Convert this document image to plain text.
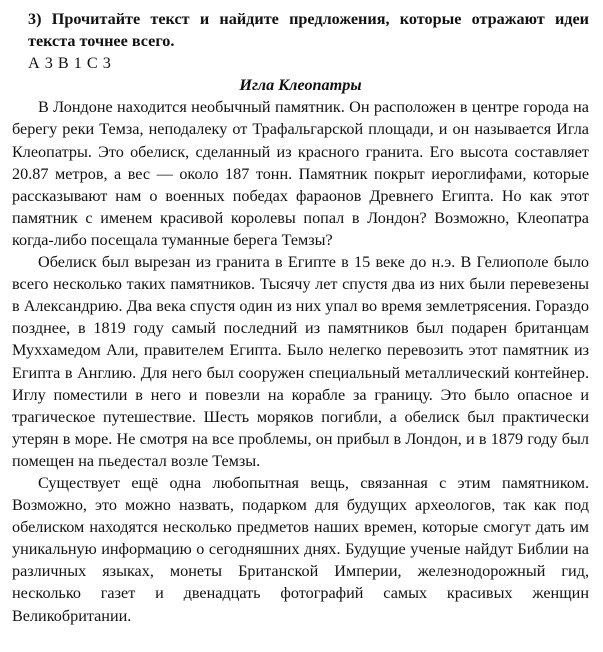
3) Прочитайте текст и найдите предложения, которые отражают идеи текста точнее всего.

А 3 В 1 С 3

Игла Клеопатры

В Лондоне находится необычный памятник. Он расположен в центре города на берегу реки Темза, неподалеку от Трафальгарской площади, и он называется Игла Клеопатры. Это обелиск, сделанный из красного гранита. Его высота составляет 20.87 метров, а вес — около 187 тонн. Памятник покрыт иероглифами, которые рассказывают нам о военных победах фараонов Древнего Египта. Но как этот памятник с именем красивой королевы попал в Лондон? Возможно, Клеопатра когда-либо посещала туманные берега Темзы?

Обелиск был вырезан из гранита в Египте в 15 веке до н.э. В Гелиополе было всего несколько таких памятников. Тысячу лет спустя два из них были перевезены в Александрию. Два века спустя один из них упал во время землетрясения. Гораздо позднее, в 1819 году самый последний из памятников был подарен британцам Муххамедом Али, правителем Египта. Было нелегко перевозить этот памятник из Египта в Англию. Для него был сооружен специальный металлический контейнер. Иглу поместили в него и повезли на корабле за границу. Это было опасное и трагическое путешествие. Шесть моряков погибли, а обелиск был практически утерян в море. Не смотря на все проблемы, он прибыл в Лондон, и в 1879 году был помещен на пьедестал возле Темзы.

Существует ещё одна любопытная вещь, связанная с этим памятником. Возможно, это можно назвать, подарком для будущих археологов, так как под обелиском находятся несколько предметов наших времен, которые смогут дать им уникальную информацию о сегодняшних днях. Будущие ученые найдут Библии на различных языках, монеты Британской Империи, железнодорожный гид, несколько газет и двенадцать фотографий самых красивых женщин Великобритании.
